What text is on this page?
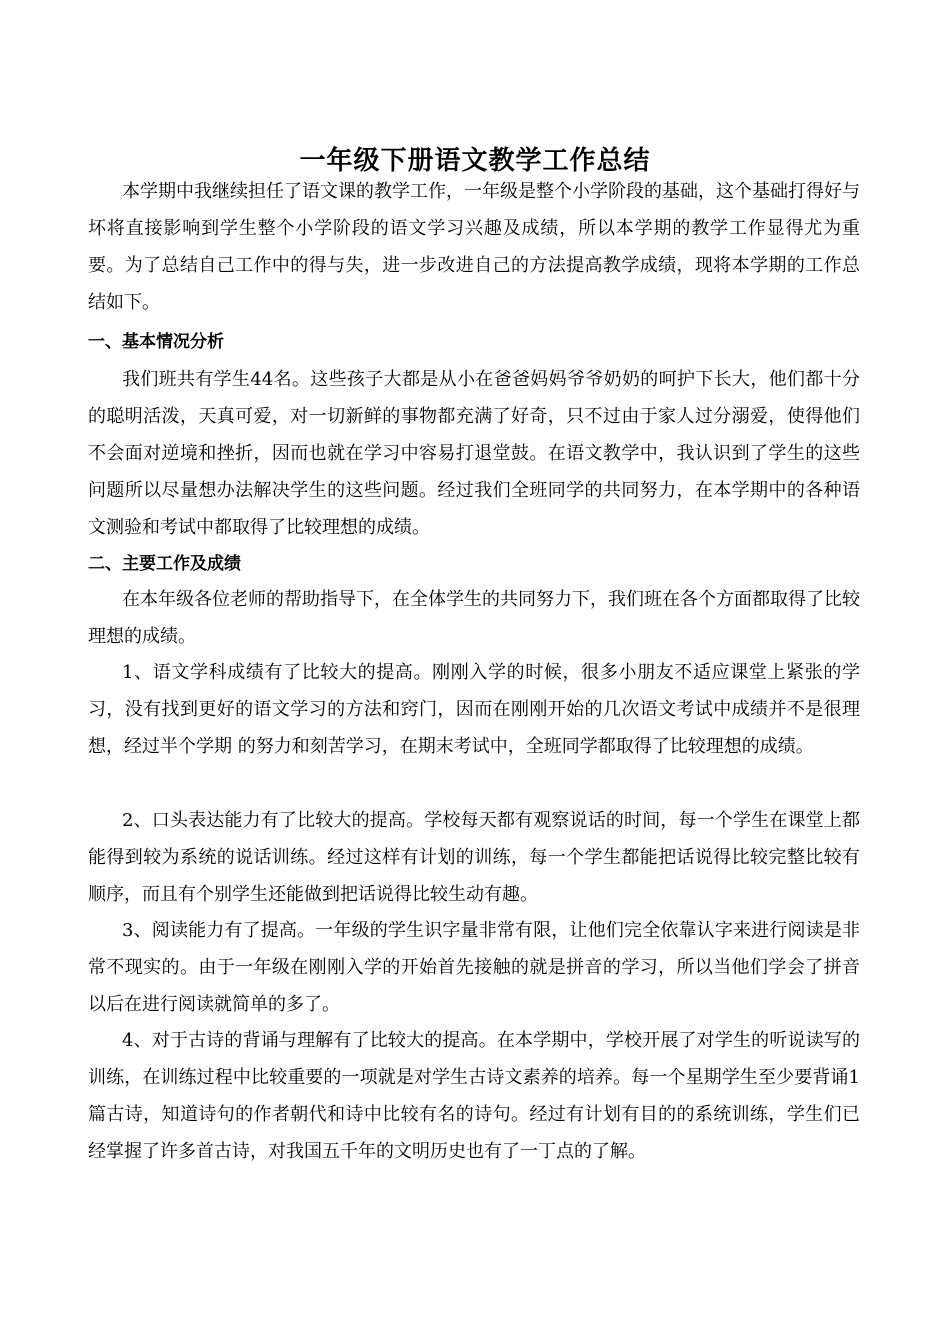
一年级下册语文教学工作总结

本学期中我继续担任了语文课的教学工作，一年级是整个小学阶段的基础，这个基础打得好与坏将直接影响到学生整个小学阶段的语文学习兴趣及成绩，所以本学期的教学工作显得尤为重要。为了总结自己工作中的得与失，进一步改进自己的方法提高教学成绩，现将本学期的工作总结如下。

一、基本情况分析

我们班共有学生44名。这些孩子大都是从小在爸爸妈妈爷爷奶奶的呵护下长大，他们都十分的聪明活泼，天真可爱，对一切新鲜的事物都充满了好奇，只不过由于家人过分溺爱，使得他们不会面对逆境和挫折，因而也就在学习中容易打退堂鼓。在语文教学中，我认识到了学生的这些问题所以尽量想办法解决学生的这些问题。经过我们全班同学的共同努力，在本学期中的各种语文测验和考试中都取得了比较理想的成绩。

二、主要工作及成绩

在本年级各位老师的帮助指导下，在全体学生的共同努力下，我们班在各个方面都取得了比较理想的成绩。

1、语文学科成绩有了比较大的提高。刚刚入学的时候，很多小朋友不适应课堂上紧张的学习，没有找到更好的语文学习的方法和窍门，因而在刚刚开始的几次语文考试中成绩并不是很理想，经过半个学期 的努力和刻苦学习，在期末考试中，全班同学都取得了比较理想的成绩。

2、口头表达能力有了比较大的提高。学校每天都有观察说话的时间，每一个学生在课堂上都能得到较为系统的说话训练。经过这样有计划的训练，每一个学生都能把话说得比较完整比较有顺序，而且有个别学生还能做到把话说得比较生动有趣。

3、阅读能力有了提高。一年级的学生识字量非常有限，让他们完全依靠认字来进行阅读是非常不现实的。由于一年级在刚刚入学的开始首先接触的就是拼音的学习，所以当他们学会了拼音以后在进行阅读就简单的多了。

4、对于古诗的背诵与理解有了比较大的提高。在本学期中，学校开展了对学生的听说读写的训练，在训练过程中比较重要的一项就是对学生古诗文素养的培养。每一个星期学生至少要背诵1篇古诗，知道诗句的作者朝代和诗中比较有名的诗句。经过有计划有目的的系统训练，学生们已经掌握了许多首古诗，对我国五千年的文明历史也有了一丁点的了解。
